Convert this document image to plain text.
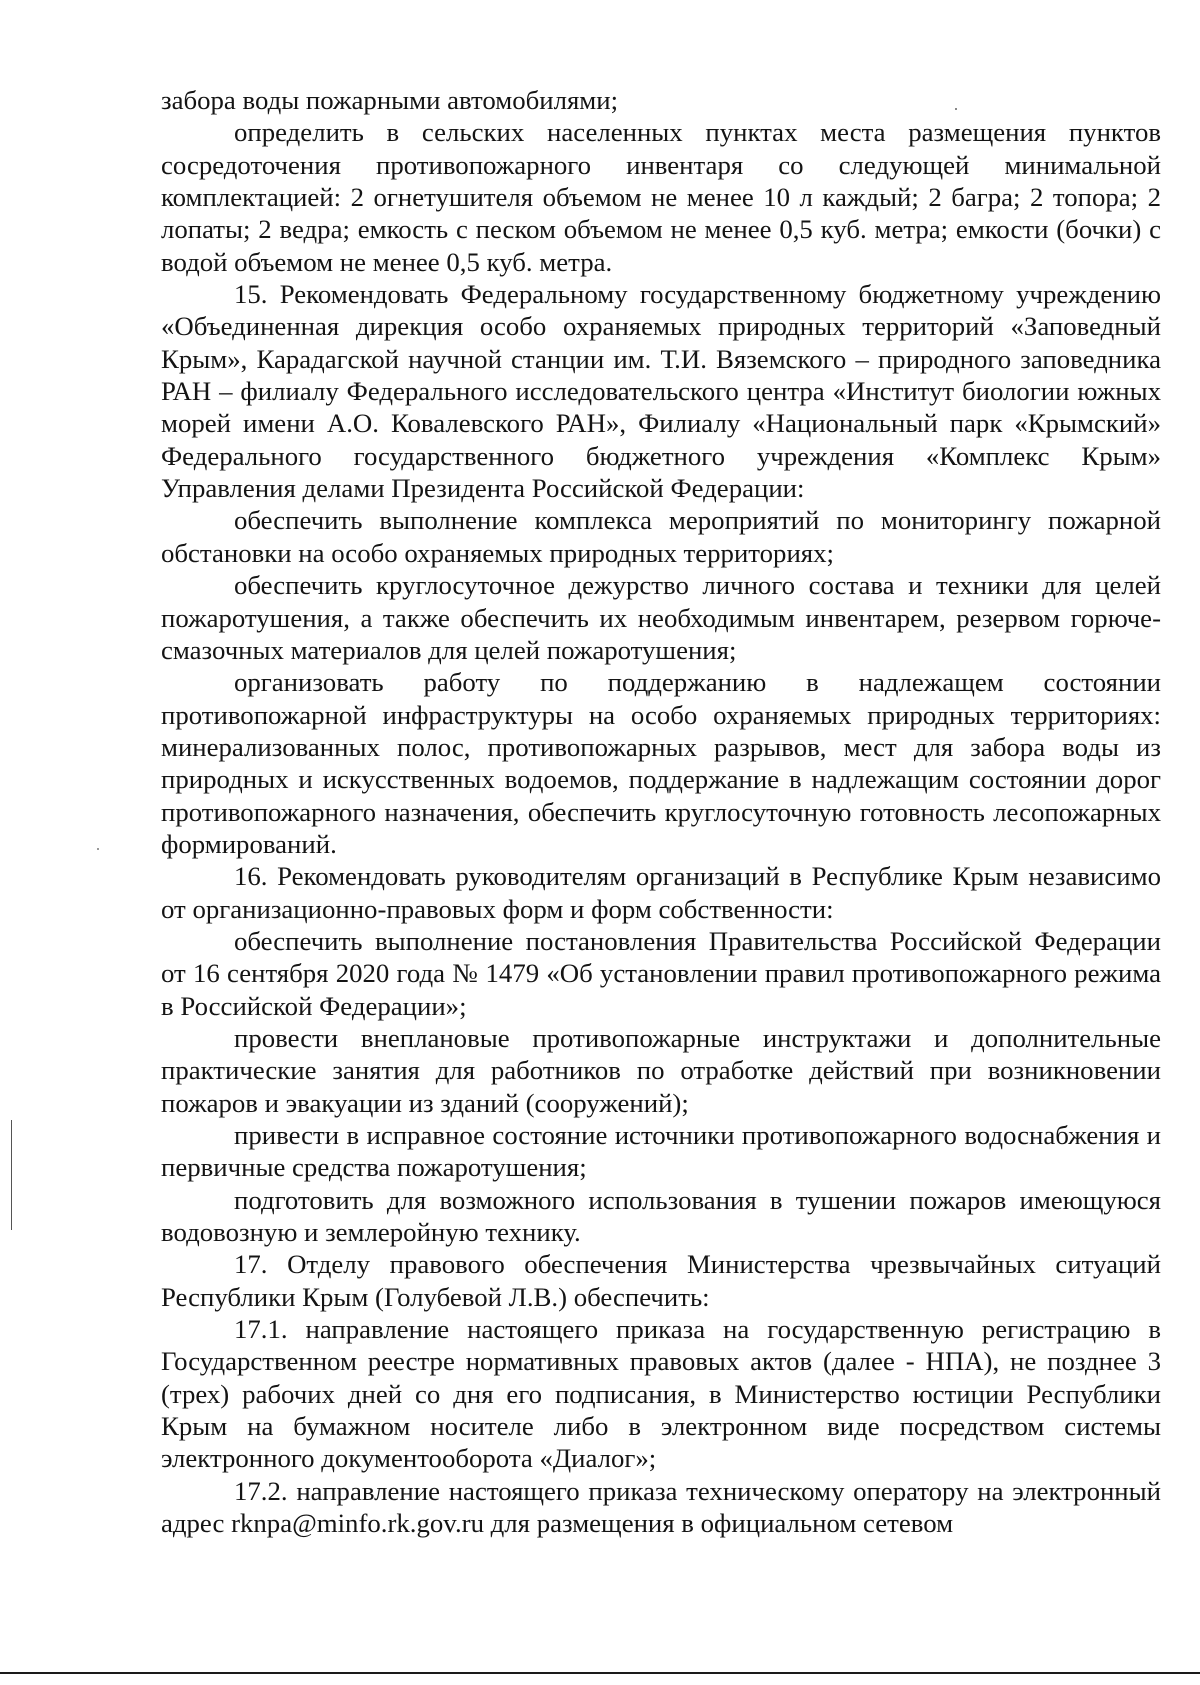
забора воды пожарными автомобилями;

определить в сельских населенных пунктах места размещения пунктов сосредоточения противопожарного инвентаря со следующей минимальной комплектацией: 2 огнетушителя объемом не менее 10 л каждый; 2 багра; 2 топора; 2 лопаты; 2 ведра; емкость с песком объемом не менее 0,5 куб. метра; емкости (бочки) с водой объемом не менее 0,5 куб. метра.

15. Рекомендовать Федеральному государственному бюджетному учреждению «Объединенная дирекция особо охраняемых природных территорий «Заповедный Крым», Карадагской научной станции им. Т.И. Вяземского – природного заповедника РАН – филиалу Федерального исследовательского центра «Институт биологии южных морей имени А.О. Ковалевского РАН», Филиалу «Национальный парк «Крымский» Федерального государственного бюджетного учреждения «Комплекс Крым» Управления делами Президента Российской Федерации:

обеспечить выполнение комплекса мероприятий по мониторингу пожарной обстановки на особо охраняемых природных территориях;

обеспечить круглосуточное дежурство личного состава и техники для целей пожаротушения, а также обеспечить их необходимым инвентарем, резервом горюче-смазочных материалов для целей пожаротушения;

организовать работу по поддержанию в надлежащем состоянии противопожарной инфраструктуры на особо охраняемых природных территориях: минерализованных полос, противопожарных разрывов, мест для забора воды из природных и искусственных водоемов, поддержание в надлежащим состоянии дорог противопожарного назначения, обеспечить круглосуточную готовность лесопожарных формирований.

16. Рекомендовать руководителям организаций в Республике Крым независимо от организационно-правовых форм и форм собственности:

обеспечить выполнение постановления Правительства Российской Федерации от 16 сентября 2020 года № 1479 «Об установлении правил противопожарного режима в Российской Федерации»;

провести внеплановые противопожарные инструктажи и дополнительные практические занятия для работников по отработке действий при возникновении пожаров и эвакуации из зданий (сооружений);

привести в исправное состояние источники противопожарного водоснабжения и первичные средства пожаротушения;

подготовить для возможного использования в тушении пожаров имеющуюся водовозную и землеройную технику.

17. Отделу правового обеспечения Министерства чрезвычайных ситуаций Республики Крым (Голубевой Л.В.) обеспечить:

17.1. направление настоящего приказа на государственную регистрацию в Государственном реестре нормативных правовых актов (далее - НПА), не позднее 3 (трех) рабочих дней со дня его подписания, в Министерство юстиции Республики Крым на бумажном носителе либо в электронном виде посредством системы электронного документооборота «Диалог»;

17.2. направление настоящего приказа техническому оператору на электронный адрес rknpa@minfo.rk.gov.ru для размещения в официальном сетевом
